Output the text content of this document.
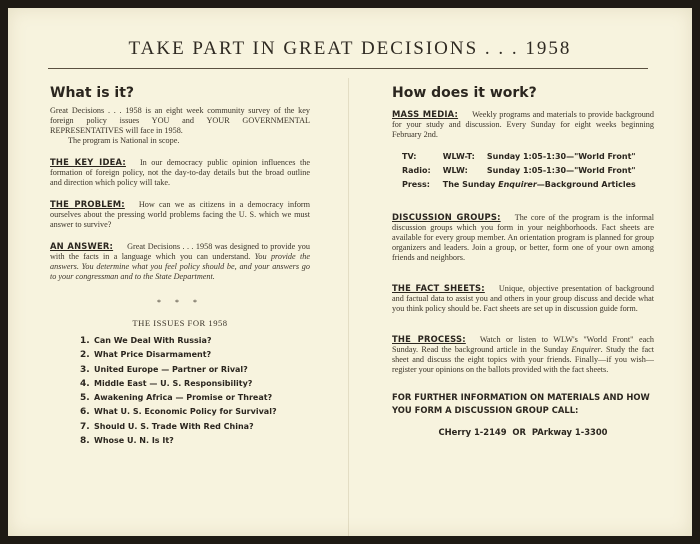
TAKE PART IN GREAT DECISIONS . . . 1958
What is it?

Great Decisions . . . 1958 is an eight week community survey of the key foreign policy issues YOU and YOUR GOVERNMENTAL REPRESENTATIVES will face in 1958.

The program is National in scope.

THE KEY IDEA: In our democracy public opinion influences the formation of foreign policy, not the day-to-day details but the broad outline and direction which policy will take.

THE PROBLEM: How can we as citizens in a democracy inform ourselves about the pressing world problems facing the U. S. which we must answer to survive?

AN ANSWER: Great Decisions . . . 1958 was designed to provide you with the facts in a language which you can understand. You provide the answers. You determine what you feel policy should be, and your answers go to your congressman and to the State Department.

* * *
THE ISSUES FOR 1958
1. Can We Deal With Russia?
2. What Price Disarmament?
3. United Europe — Partner or Rival?
4. Middle East — U. S. Responsibility?
5. Awakening Africa — Promise or Threat?
6. What U. S. Economic Policy for Survival?
7. Should U. S. Trade With Red China?
8. Whose U. N. Is It?
How does it work?

MASS MEDIA: Weekly programs and materials to provide background for your study and discussion. Every Sunday for eight weeks beginning February 2nd.

TV:	WLW-T:	Sunday 1:05-1:30—"World Front"
Radio:	WLW:	Sunday 1:05-1:30—"World Front"
Press:	The Sunday Enquirer—Background Articles	

DISCUSSION GROUPS: The core of the program is the informal discussion groups which you form in your neighborhoods. Fact sheets are available for every group member. An orientation program is planned for group organizers and leaders. Join a group, or better, form one of your own among friends and neighbors.

THE FACT SHEETS: Unique, objective presentation of background and factual data to assist you and others in your group discuss and decide what you think policy should be. Fact sheets are set up in discussion guide form.

THE PROCESS: Watch or listen to WLW's "World Front" each Sunday. Read the background article in the Sunday Enquirer. Study the fact sheet and discuss the eight topics with your friends. Finally—if you wish—register your opinions on the ballots provided with the fact sheets.

FOR FURTHER INFORMATION ON MATERIALS AND HOW YOU FORM A DISCUSSION GROUP CALL:
CHerry 1-2149 OR PArkway 1-3300
